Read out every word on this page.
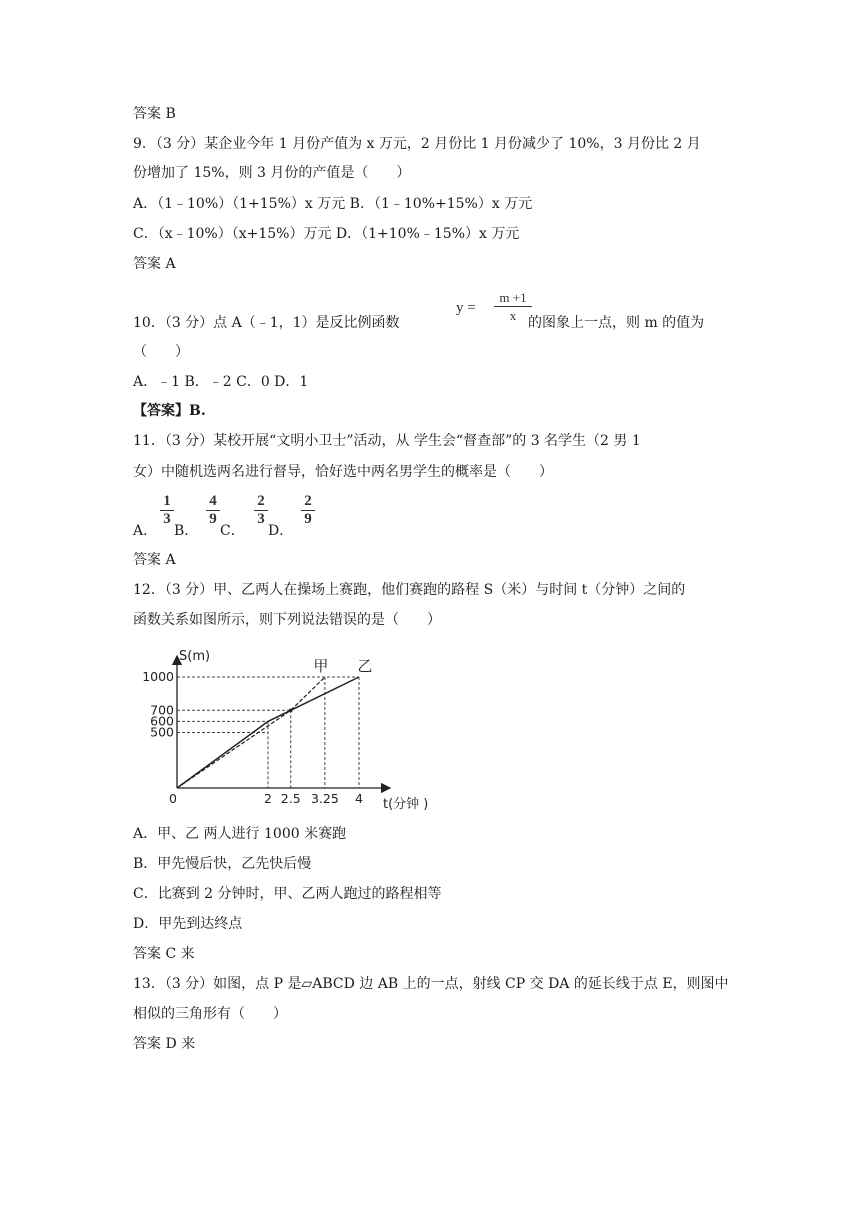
答案 B
9．（3 分）某企业今年 1 月份产值为 x 万元，2 月份比 1 月份减少了 10%，3 月份比 2 月
份增加了 15%，则 3 月份的产值是（　　）
A．（1﹣10%）（1+15%）x 万元 B．（1﹣10%+15%）x 万元
C．（x﹣10%）（x+15%）万元 D．（1+10%﹣15%）x 万元
答案 A
10．（3 分）点 A（﹣1，1）是反比例函数
y =
m +1
x 的图象上一点，则 m 的值为
（　　）
A．﹣1 B．﹣2 C．0 D．1
【答案】B.
11．（3 分）某校开展“文明小卫士”活动，从 学生会“督查部”的 3 名学生（2 男 1
女）中随机选两名进行督导，恰好选中两名男学生的概率是（　　）
A．
1
3
B．
4
9
C．
2
3
D．
2
9
答案 A
12．（3 分）甲、乙两人在操场上赛跑，他们赛跑的路程 S（米）与时间 t（分钟）之间的
函数关系如图所示，则下列说法错误的是（　　）
甲 乙
2 2.5 3.25 4
500
600
700
1000
0
S(m)
t(分钟 )
A．甲、乙 两人进行 1000 米赛跑
B．甲先慢后快，乙先快后慢
C．比赛到 2 分钟时，甲、乙两人跑过的路程相等
D．甲先到达终点
答案 C 来
13．（3 分）如图，点 P 是▱ABCD 边 AB 上的一点，射线 CP 交 DA 的延长线于点 E，则图中
相似的三角形有（　　）
答案 D 来
